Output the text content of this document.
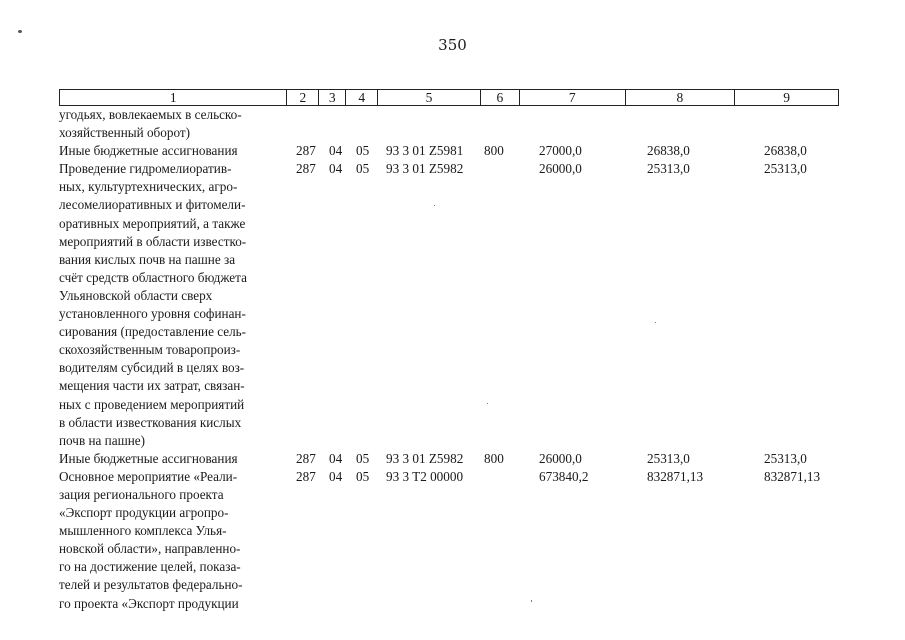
350
1	2	3	4	5	6	7	8	9
угодьях, вовлекаемых в сельско-
хозяйственный оборот)
Иные бюджетные ассигнования	287 04 05 93 3 01 Z5981 800	27000,0	26838,0	26838,0
Проведение гидромелиоратив-
ных, культуртехнических, агро-
лесомелиоративных и фитомели-
оративных мероприятий, а также
мероприятий в области известко-
вания кислых почв на пашне за
счёт средств областного бюджета
Ульяновской области сверх
установленного уровня софинан-
сирования (предоставление сель-
скохозяйственным товаропроиз-
водителям субсидий в целях воз-
мещения части их затрат, связан-
ных с проведением мероприятий
в области известкования кислых
почв на пашне)
287 04 05 93 3 01 Z5982	26000,0	25313,0	25313,0
Иные бюджетные ассигнования	287 04 05 93 3 01 Z5982 800	26000,0	25313,0	25313,0
Основное мероприятие «Реали-
зация регионального проекта
«Экспорт продукции агропро-
мышленного комплекса Улья-
новской области», направленно-
го на достижение целей, показа-
телей и результатов федерально-
го проекта «Экспорт продукции
287 04 05 93 3 T2 00000	673840,2	832871,13	832871,13
